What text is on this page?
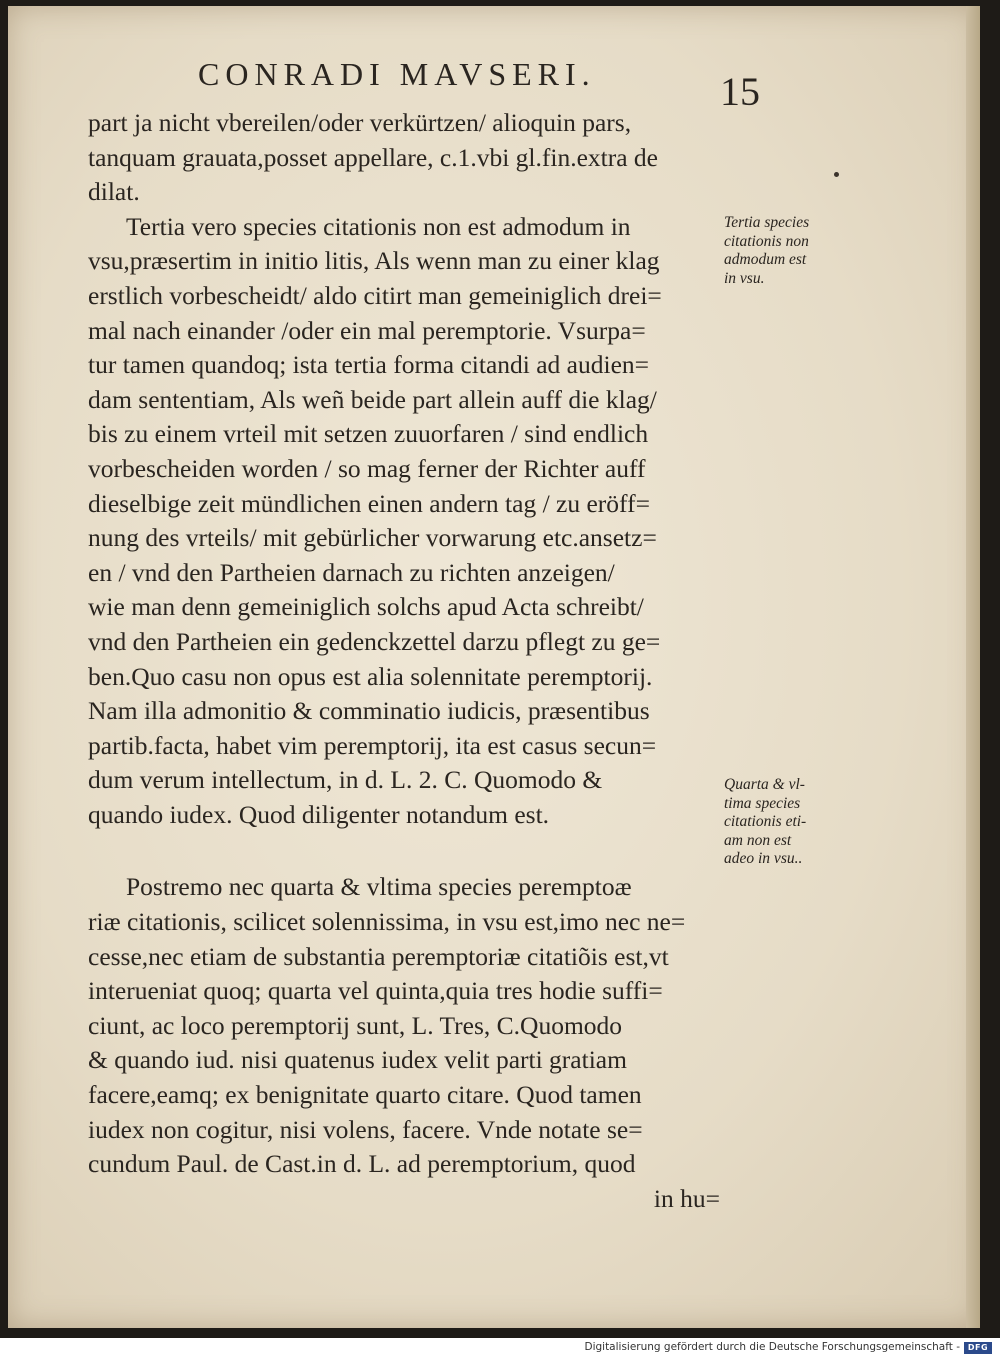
CONRADI MAVSERI.	15
part ja nicht vbereilen/oder verkürtzen/ alioquin pars,
tanquam grauata,posset appellare, c.1.vbi gl.fin.extra de
dilat.
Tertia vero species citationis non est admodum in
vsu,præsertim in initio litis, Als wenn man zu einer klag
erstlich vorbescheidt/ aldo citirt man gemeiniglich drei=
mal nach einander /oder ein mal peremptorie. Vsurpa=
tur tamen quandoq; ista tertia forma citandi ad audien=
dam sententiam, Als weñ beide part allein auff die klag/
bis zu einem vrteil mit setzen zuuorfaren / sind endlich
vorbescheiden worden / so mag ferner der Richter auff
dieselbige zeit mündlichen einen andern tag / zu eröff=
nung des vrteils/ mit gebürlicher vorwarung etc.ansetz=
en / vnd den Partheien darnach zu richten anzeigen/
wie man denn gemeiniglich solchs apud Acta schreibt/
vnd den Partheien ein gedenckzettel darzu pflegt zu ge=
ben.Quo casu non opus est alia solennitate peremptorij.
Nam illa admonitio & comminatio iudicis, præsentibus
partib.facta, habet vim peremptorij, ita est casus secun=
dum verum intellectum, in d. L. 2. C. Quomodo &
quando iudex. Quod diligenter notandum est.
Postremo nec quarta & vltima species peremptoæ
riæ citationis, scilicet solennissima, in vsu est,imo nec ne=
cesse,nec etiam de substantia peremptoriæ citatiõis est,vt
interueniat quoq; quarta vel quinta,quia tres hodie suffi=
ciunt, ac loco peremptorij sunt, L. Tres, C.Quomodo
& quando iud. nisi quatenus iudex velit parti gratiam
facere,eamq; ex benignitate quarto citare. Quod tamen
iudex non cogitur, nisi volens, facere. Vnde notate se=
cundum Paul. de Cast.in d. L. ad peremptorium, quod
in hu=
Tertia species
citationis non
admodum est
in vsu.
Quarta & vl-
tima species
citationis eti-
am non est
adeo in vsu..
Digitalisierung gefördert durch die Deutsche Forschungsgemeinschaft - DFG
